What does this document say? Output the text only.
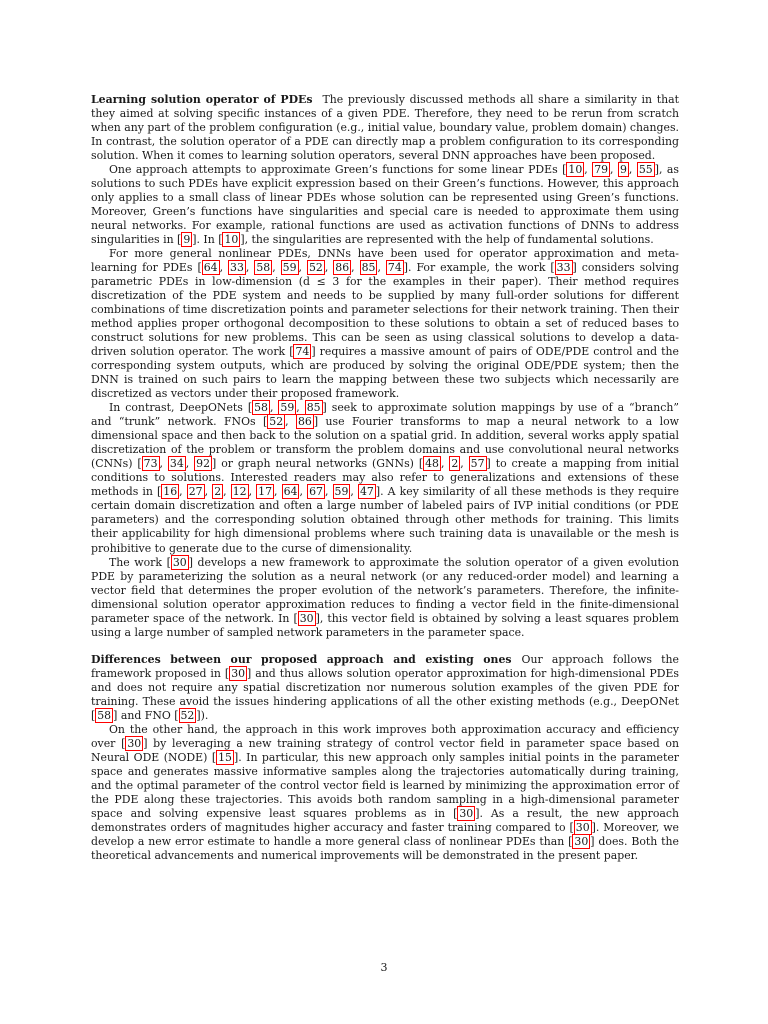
Learning solution operator of PDEs The previously discussed methods all share a similarity in that they aimed at solving specific instances of a given PDE. Therefore, they need to be rerun from scratch when any part of the problem configuration (e.g., initial value, boundary value, problem domain) changes. In contrast, the solution operator of a PDE can directly map a problem configuration to its corresponding solution. When it comes to learning solution operators, several DNN approaches have been proposed.

One approach attempts to approximate Green’s functions for some linear PDEs [ 10 , 79 , 9 , 55 ], as solutions to such PDEs have explicit expression based on their Green’s functions. However, this approach only applies to a small class of linear PDEs whose solution can be represented using Green’s functions. Moreover, Green’s functions have singularities and special care is needed to approximate them using neural networks. For example, rational functions are used as activation functions of DNNs to address singularities in [ 9 ]. In [ 10 ], the singularities are represented with the help of fundamental solutions.

For more general nonlinear PDEs, DNNs have been used for operator approximation and meta-learning for PDEs [ 64 , 33 , 58 , 59 , 52 , 86 , 85 , 74 ]. For example, the work [ 33 ] considers solving parametric PDEs in low-dimension (d ≤ 3 for the examples in their paper). Their method requires discretization of the PDE system and needs to be supplied by many full-order solutions for different combinations of time discretization points and parameter selections for their network training. Then their method applies proper orthogonal decomposition to these solutions to obtain a set of reduced bases to construct solutions for new problems. This can be seen as using classical solutions to develop a data-driven solution operator. The work [ 74 ] requires a massive amount of pairs of ODE/PDE control and the corresponding system outputs, which are produced by solving the original ODE/PDE system; then the DNN is trained on such pairs to learn the mapping between these two subjects which necessarily are discretized as vectors under their proposed framework.

In contrast, DeepONets [ 58 , 59 , 85 ] seek to approximate solution mappings by use of a “branch” and “trunk” network. FNOs [ 52 , 86 ] use Fourier transforms to map a neural network to a low dimensional space and then back to the solution on a spatial grid. In addition, several works apply spatial discretization of the problem or transform the problem domains and use convolutional neural networks (CNNs) [ 73 , 34 , 92 ] or graph neural networks (GNNs) [ 48 , 2 , 57 ] to create a mapping from initial conditions to solutions. Interested readers may also refer to generalizations and extensions of these methods in [ 16 , 27 , 2 , 12 , 17 , 64 , 67 , 59 , 47 ]. A key similarity of all these methods is they require certain domain discretization and often a large number of labeled pairs of IVP initial conditions (or PDE parameters) and the corresponding solution obtained through other methods for training. This limits their applicability for high dimensional problems where such training data is unavailable or the mesh is prohibitive to generate due to the curse of dimensionality.

The work [ 30 ] develops a new framework to approximate the solution operator of a given evolution PDE by parameterizing the solution as a neural network (or any reduced-order model) and learning a vector field that determines the proper evolution of the network’s parameters. Therefore, the infinite-dimensional solution operator approximation reduces to finding a vector field in the finite-dimensional parameter space of the network. In [ 30 ], this vector field is obtained by solving a least squares problem using a large number of sampled network parameters in the parameter space.

Differences between our proposed approach and existing ones Our approach follows the framework proposed in [ 30 ] and thus allows solution operator approximation for high-dimensional PDEs and does not require any spatial discretization nor numerous solution examples of the given PDE for training. These avoid the issues hindering applications of all the other existing methods (e.g., DeepONet [ 58 ] and FNO [ 52 ]).

On the other hand, the approach in this work improves both approximation accuracy and efficiency over [ 30 ] by leveraging a new training strategy of control vector field in parameter space based on Neural ODE (NODE) [ 15 ]. In particular, this new approach only samples initial points in the parameter space and generates massive informative samples along the trajectories automatically during training, and the optimal parameter of the control vector field is learned by minimizing the approximation error of the PDE along these trajectories. This avoids both random sampling in a high-dimensional parameter space and solving expensive least squares problems as in [ 30 ]. As a result, the new approach demonstrates orders of magnitudes higher accuracy and faster training compared to [ 30 ]. Moreover, we develop a new error estimate to handle a more general class of nonlinear PDEs than [ 30 ] does. Both the theoretical advancements and numerical improvements will be demonstrated in the present paper.

3
